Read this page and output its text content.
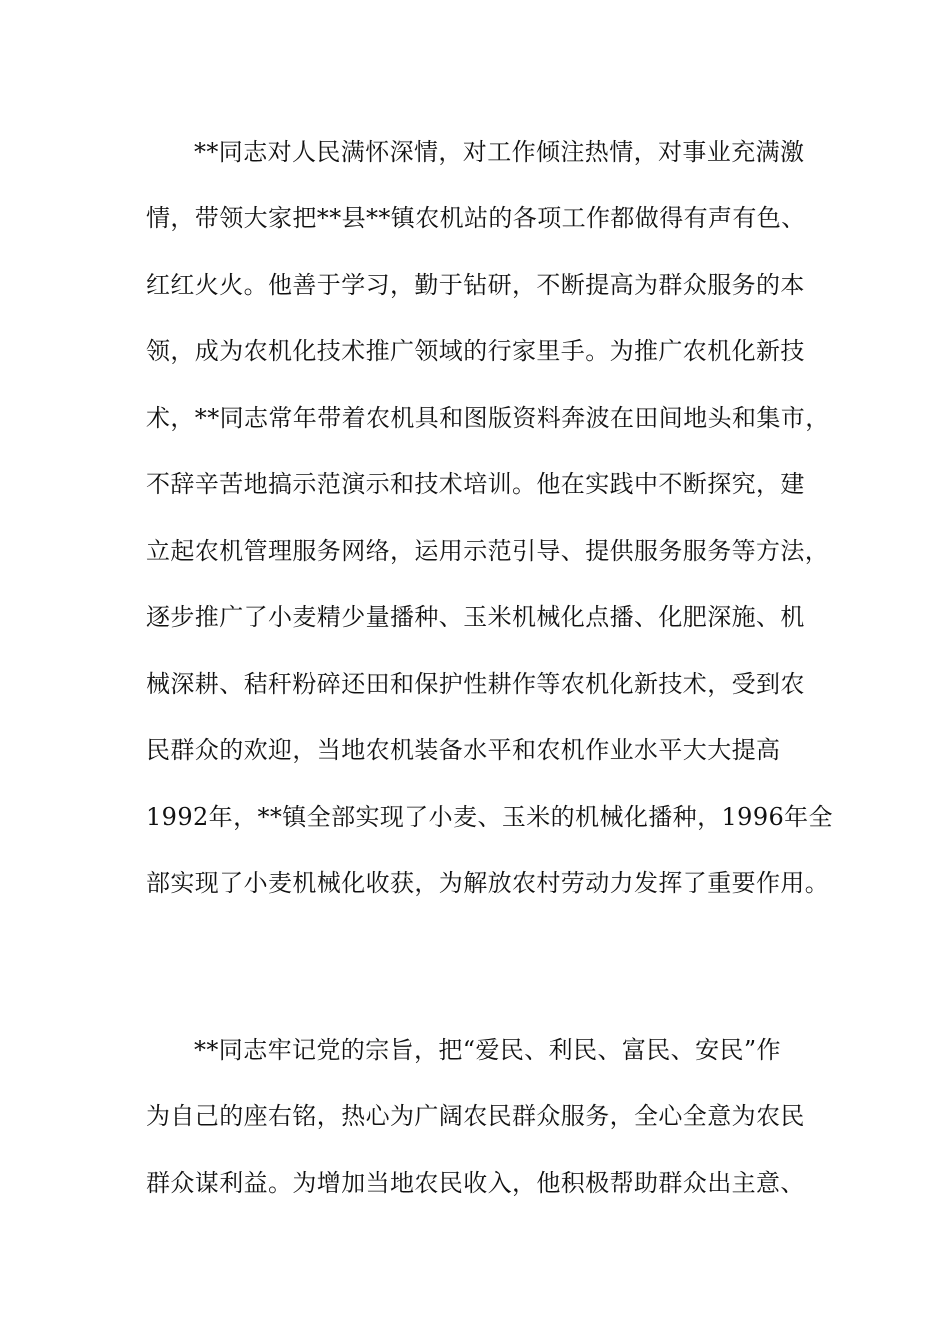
**同志对人民满怀深情，对工作倾注热情，对事业充满激
情，带领大家把**县**镇农机站的各项工作都做得有声有色、
红红火火。他善于学习，勤于钻研，不断提高为群众服务的本
领，成为农机化技术推广领域的行家里手。为推广农机化新技
术，**同志常年带着农机具和图版资料奔波在田间地头和集市，
不辞辛苦地搞示范演示和技术培训。他在实践中不断探究，建
立起农机管理服务网络，运用示范引导、提供服务服务等方法，
逐步推广了小麦精少量播种、玉米机械化点播、化肥深施、机
械深耕、秸秆粉碎还田和保护性耕作等农机化新技术，受到农
民群众的欢迎，当地农机装备水平和农机作业水平大大提高
1992年，**镇全部实现了小麦、玉米的机械化播种，1996年全
部实现了小麦机械化收获，为解放农村劳动力发挥了重要作用。
**同志牢记党的宗旨，把“爱民、利民、富民、安民”作
为自己的座右铭，热心为广阔农民群众服务，全心全意为农民
群众谋利益。为增加当地农民收入，他积极帮助群众出主意、
